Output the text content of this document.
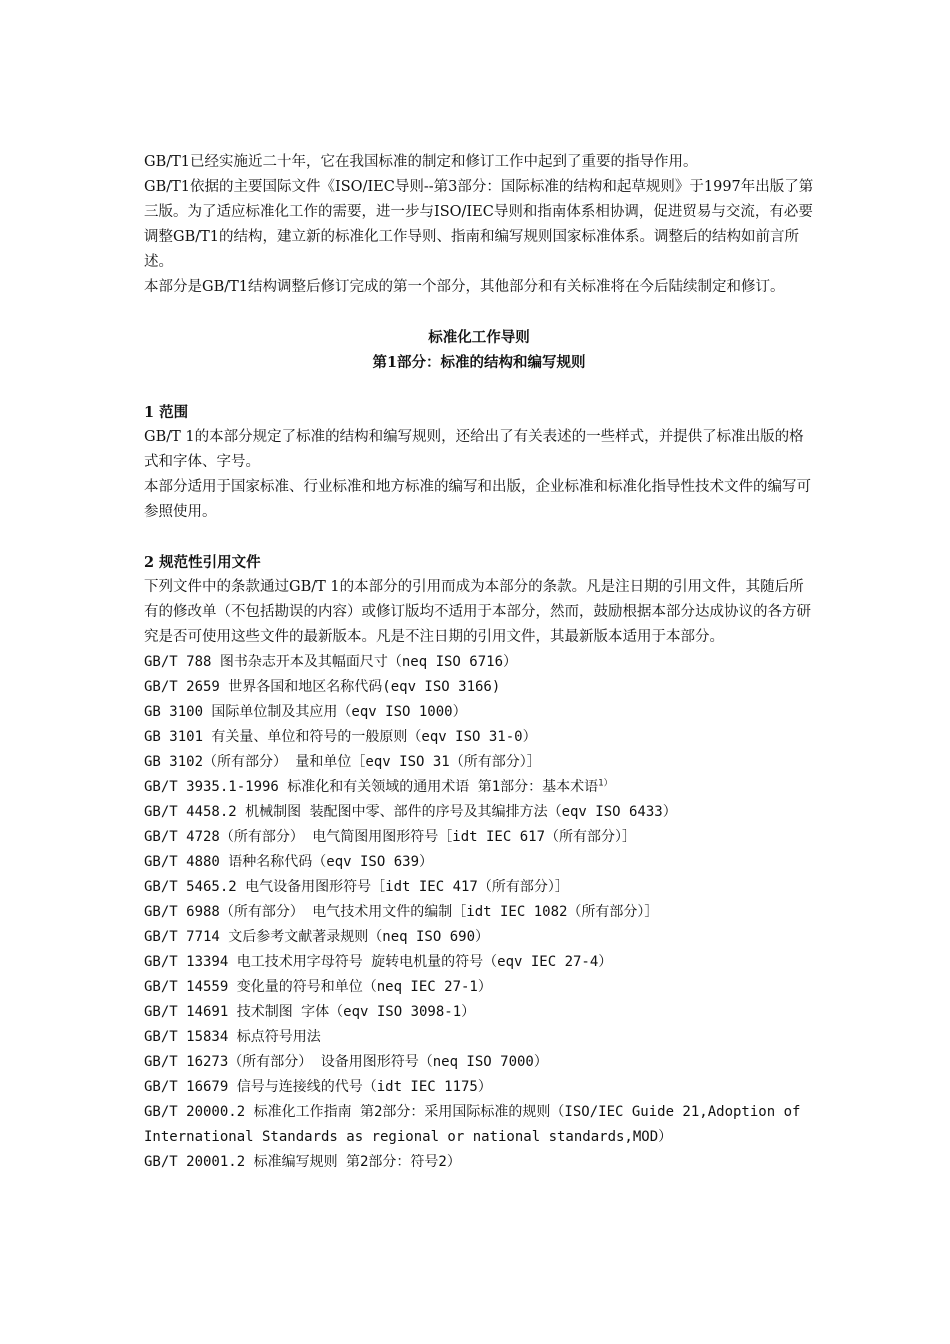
GB/T1已经实施近二十年，它在我国标准的制定和修订工作中起到了重要的指导作用。

GB/T1依据的主要国际文件《ISO/IEC导则--第3部分：国际标准的结构和起草规则》于1997年出版了第三版。为了适应标准化工作的需要，进一步与ISO/IEC导则和指南体系相协调，促进贸易与交流，有必要调整GB/T1的结构，建立新的标准化工作导则、指南和编写规则国家标准体系。调整后的结构如前言所述。

本部分是GB/T1结构调整后修订完成的第一个部分，其他部分和有关标准将在今后陆续制定和修订。

标准化工作导则

第1部分：标准的结构和编写规则

1 范围

GB/T 1的本部分规定了标准的结构和编写规则，还给出了有关表述的一些样式，并提供了标准出版的格式和字体、字号。

本部分适用于国家标准、行业标准和地方标准的编写和出版，企业标准和标准化指导性技术文件的编写可参照使用。

2 规范性引用文件

下列文件中的条款通过GB/T 1的本部分的引用而成为本部分的条款。凡是注日期的引用文件，其随后所有的修改单（不包括勘误的内容）或修订版均不适用于本部分，然而，鼓励根据本部分达成协议的各方研究是否可使用这些文件的最新版本。凡是不注日期的引用文件，其最新版本适用于本部分。

GB/T 788 图书杂志开本及其幅面尺寸（neq ISO 6716）

GB/T 2659 世界各国和地区名称代码(eqv ISO 3166)

GB 3100 国际单位制及其应用（eqv ISO 1000）

GB 3101 有关量、单位和符号的一般原则（eqv ISO 31-0）

GB 3102（所有部分） 量和单位［eqv ISO 31（所有部分）］

GB/T 3935.1-1996 标准化和有关领域的通用术语 第1部分：基本术语$^{1)}$

GB/T 4458.2 机械制图 装配图中零、部件的序号及其编排方法（eqv ISO 6433）

GB/T 4728（所有部分） 电气简图用图形符号［idt IEC 617（所有部分）］

GB/T 4880 语种名称代码（eqv ISO 639）

GB/T 5465.2 电气设备用图形符号［idt IEC 417（所有部分）］

GB/T 6988（所有部分） 电气技术用文件的编制［idt IEC 1082（所有部分）］

GB/T 7714 文后参考文献著录规则（neq ISO 690）

GB/T 13394 电工技术用字母符号 旋转电机量的符号（eqv IEC 27-4）

GB/T 14559 变化量的符号和单位（neq IEC 27-1）

GB/T 14691 技术制图 字体（eqv ISO 3098-1）

GB/T 15834 标点符号用法

GB/T 16273（所有部分） 设备用图形符号（neq ISO 7000）

GB/T 16679 信号与连接线的代号（idt IEC 1175）

GB/T 20000.2 标准化工作指南 第2部分：采用国际标准的规则（ISO/IEC Guide 21,Adoption of International Standards as regional or national standards,MOD）

GB/T 20001.2 标准编写规则 第2部分：符号2）
